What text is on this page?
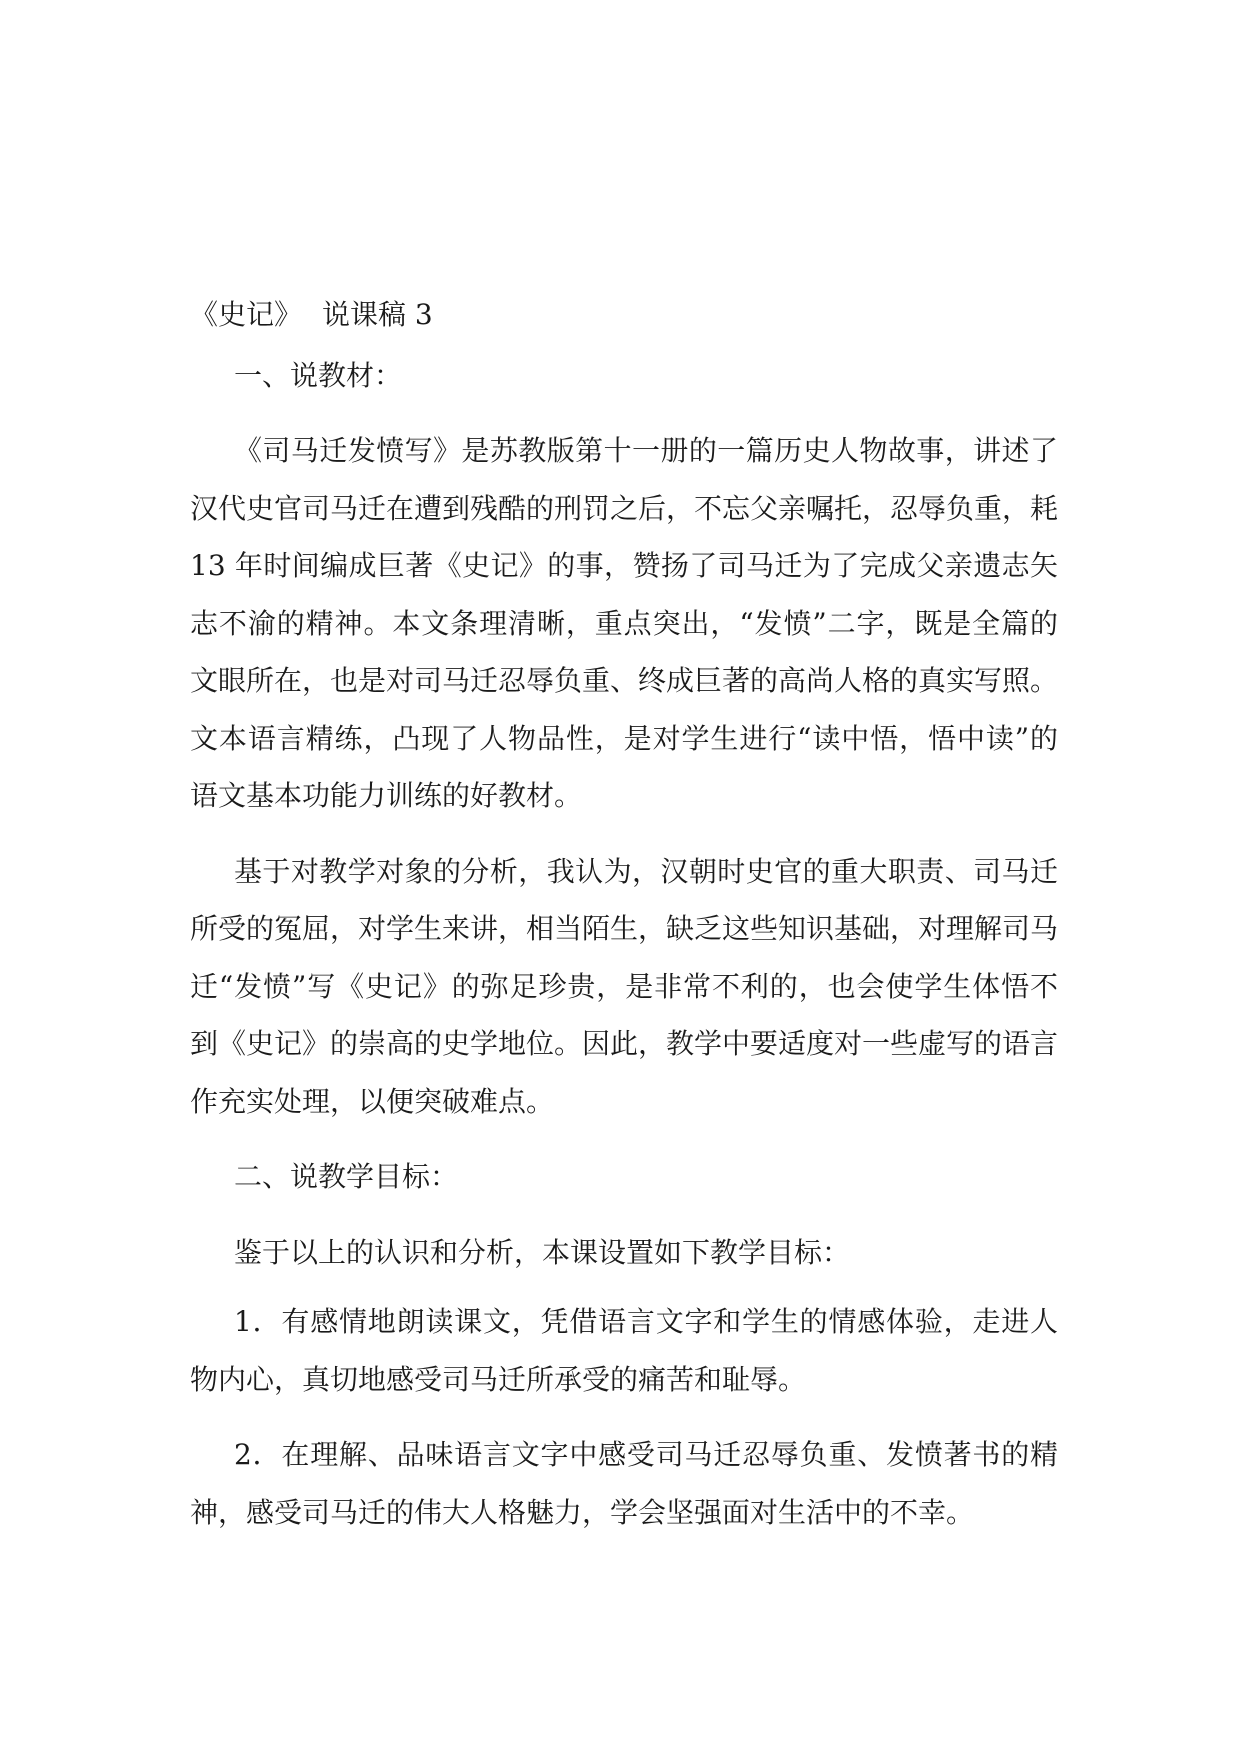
《史记》 说课稿 3

一、说教材：

《司马迁发愤写》是苏教版第十一册的一篇历史人物故事，讲述了汉代史官司马迁在遭到残酷的刑罚之后，不忘父亲嘱托，忍辱负重，耗 13 年时间编成巨著《史记》的事，赞扬了司马迁为了完成父亲遗志矢志不渝的精神。本文条理清晰，重点突出，“发愤”二字，既是全篇的文眼所在，也是对司马迁忍辱负重、终成巨著的高尚人格的真实写照。文本语言精练，凸现了人物品性，是对学生进行“读中悟，悟中读”的语文基本功能力训练的好教材。

基于对教学对象的分析，我认为，汉朝时史官的重大职责、司马迁所受的冤屈，对学生来讲，相当陌生，缺乏这些知识基础，对理解司马迁“发愤”写《史记》的弥足珍贵，是非常不利的，也会使学生体悟不到《史记》的崇高的史学地位。因此，教学中要适度对一些虚写的语言作充实处理，以便突破难点。

二、说教学目标：

鉴于以上的认识和分析，本课设置如下教学目标：

1．有感情地朗读课文，凭借语言文字和学生的情感体验，走进人物内心，真切地感受司马迁所承受的痛苦和耻辱。

2．在理解、品味语言文字中感受司马迁忍辱负重、发愤著书的精神，感受司马迁的伟大人格魅力，学会坚强面对生活中的不幸。
